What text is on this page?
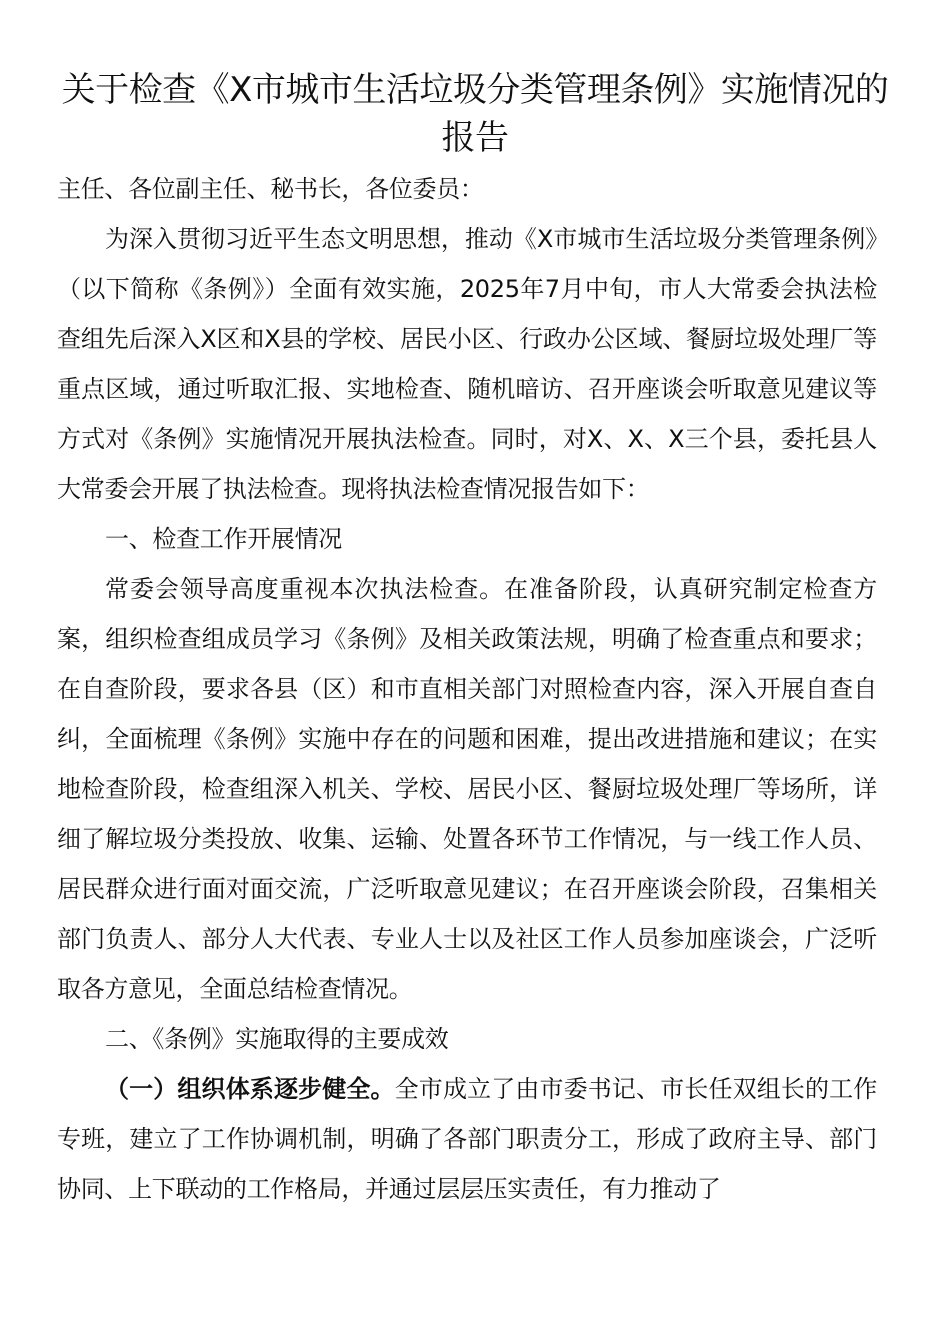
关于检查《X市城市生活垃圾分类管理条例》实施情况的报告

主任、各位副主任、秘书长，各位委员：

为深入贯彻习近平生态文明思想，推动《X市城市生活垃圾分类管理条例》（以下简称《条例》）全面有效实施，2025年7月中旬，市人大常委会执法检查组先后深入X区和X县的学校、居民小区、行政办公区域、餐厨垃圾处理厂等重点区域，通过听取汇报、实地检查、随机暗访、召开座谈会听取意见建议等方式对《条例》实施情况开展执法检查。同时，对X、X、X三个县，委托县人大常委会开展了执法检查。现将执法检查情况报告如下：

一、检查工作开展情况

常委会领导高度重视本次执法检查。在准备阶段，认真研究制定检查方案，组织检查组成员学习《条例》及相关政策法规，明确了检查重点和要求；在自查阶段，要求各县（区）和市直相关部门对照检查内容，深入开展自查自纠，全面梳理《条例》实施中存在的问题和困难，提出改进措施和建议；在实地检查阶段，检查组深入机关、学校、居民小区、餐厨垃圾处理厂等场所，详细了解垃圾分类投放、收集、运输、处置各环节工作情况，与一线工作人员、居民群众进行面对面交流，广泛听取意见建议；在召开座谈会阶段，召集相关部门负责人、部分人大代表、专业人士以及社区工作人员参加座谈会，广泛听取各方意见，全面总结检查情况。

二、《条例》实施取得的主要成效

（一）组织体系逐步健全。全市成立了由市委书记、市长任双组长的工作专班，建立了工作协调机制，明确了各部门职责分工，形成了政府主导、部门协同、上下联动的工作格局，并通过层层压实责任，有力推动了
